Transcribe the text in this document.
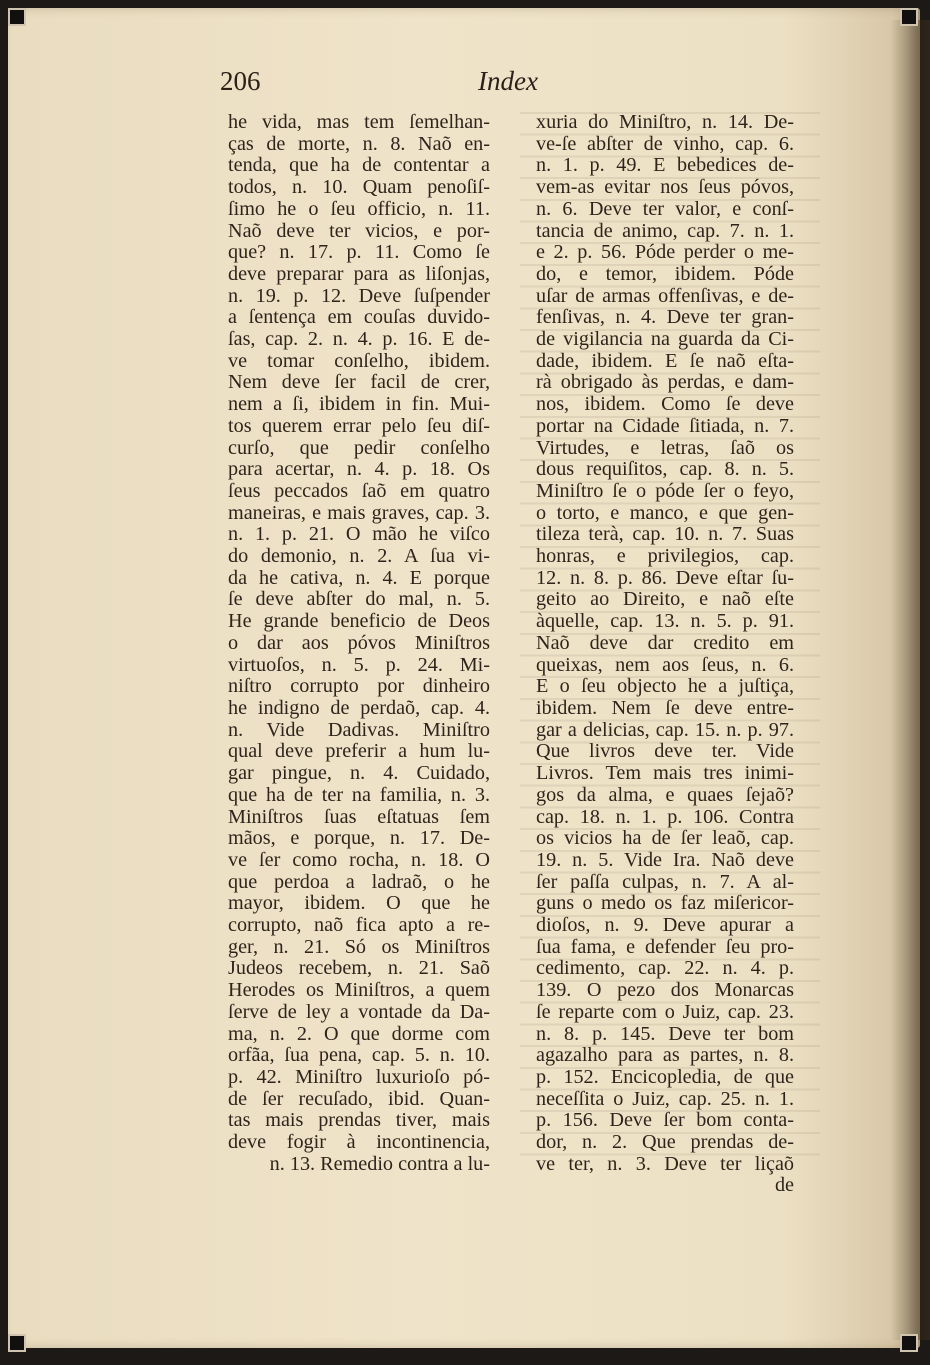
206	Index
he vida, mas tem ſemelhan-
ças de morte, n. 8. Naõ en-
tenda, que ha de contentar a
todos, n. 10. Quam penoſiſ-
ſimo he o ſeu officio, n. 11.
Naõ deve ter vicios, e por-
que? n. 17. p. 11. Como ſe
deve preparar para as liſonjas,
n. 19. p. 12. Deve ſuſpender
a ſentença em couſas duvido-
ſas, cap. 2. n. 4. p. 16. E de-
ve tomar conſelho, ibidem.
Nem deve ſer facil de crer,
nem a ſi, ibidem in fin. Mui-
tos querem errar pelo ſeu diſ-
curſo, que pedir conſelho
para acertar, n. 4. p. 18. Os
ſeus peccados ſaõ em quatro
maneiras, e mais graves, cap. 3.
n. 1. p. 21. O mão he viſco
do demonio, n. 2. A ſua vi-
da he cativa, n. 4. E porque
ſe deve abſter do mal, n. 5.
He grande beneficio de Deos
o dar aos póvos Miniſtros
virtuoſos, n. 5. p. 24. Mi-
niſtro corrupto por dinheiro
he indigno de perdaõ, cap. 4.
n. Vide Dadivas. Miniſtro
qual deve preferir a hum lu-
gar pingue, n. 4. Cuidado,
que ha de ter na familia, n. 3.
Miniſtros ſuas eſtatuas ſem
mãos, e porque, n. 17. De-
ve ſer como rocha, n. 18. O
que perdoa a ladraõ, o he
mayor, ibidem. O que he
corrupto, naõ fica apto a re-
ger, n. 21. Só os Miniſtros
Judeos recebem, n. 21. Saõ
Herodes os Miniſtros, a quem
ſerve de ley a vontade da Da-
ma, n. 2. O que dorme com
orfãa, ſua pena, cap. 5. n. 10.
p. 42. Miniſtro luxurioſo pó-
de ſer recuſado, ibid. Quan-
tas mais prendas tiver, mais
deve fogir à incontinencia,
n. 13. Remedio contra a lu-
xuria do Miniſtro, n. 14. De-
ve-ſe abſter de vinho, cap. 6.
n. 1. p. 49. E bebedices de-
vem-as evitar nos ſeus póvos,
n. 6. Deve ter valor, e conſ-
tancia de animo, cap. 7. n. 1.
e 2. p. 56. Póde perder o me-
do, e temor, ibidem. Póde
uſar de armas offenſivas, e de-
fenſivas, n. 4. Deve ter gran-
de vigilancia na guarda da Ci-
dade, ibidem. E ſe naõ eſta-
rà obrigado às perdas, e dam-
nos, ibidem. Como ſe deve
portar na Cidade ſitiada, n. 7.
Virtudes, e letras, ſaõ os
dous requiſitos, cap. 8. n. 5.
Miniſtro ſe o póde ſer o feyo,
o torto, e manco, e que gen-
tileza terà, cap. 10. n. 7. Suas
honras, e privilegios, cap.
12. n. 8. p. 86. Deve eſtar ſu-
geito ao Direito, e naõ eſte
àquelle, cap. 13. n. 5. p. 91.
Naõ deve dar credito em
queixas, nem aos ſeus, n. 6.
E o ſeu objecto he a juſtiça,
ibidem. Nem ſe deve entre-
gar a delicias, cap. 15. n. p. 97.
Que livros deve ter. Vide
Livros. Tem mais tres inimi-
gos da alma, e quaes ſejaõ?
cap. 18. n. 1. p. 106. Contra
os vicios ha de ſer leaõ, cap.
19. n. 5. Vide Ira. Naõ deve
ſer paſſa culpas, n. 7. A al-
guns o medo os faz miſericor-
dioſos, n. 9. Deve apurar a
ſua fama, e defender ſeu pro-
cedimento, cap. 22. n. 4. p.
139. O pezo dos Monarcas
ſe reparte com o Juiz, cap. 23.
n. 8. p. 145. Deve ter bom
agazalho para as partes, n. 8.
p. 152. Encicopledia, de que
neceſſita o Juiz, cap. 25. n. 1.
p. 156. Deve ſer bom conta-
dor, n. 2. Que prendas de-
ve ter, n. 3. Deve ter liçaõ
de
